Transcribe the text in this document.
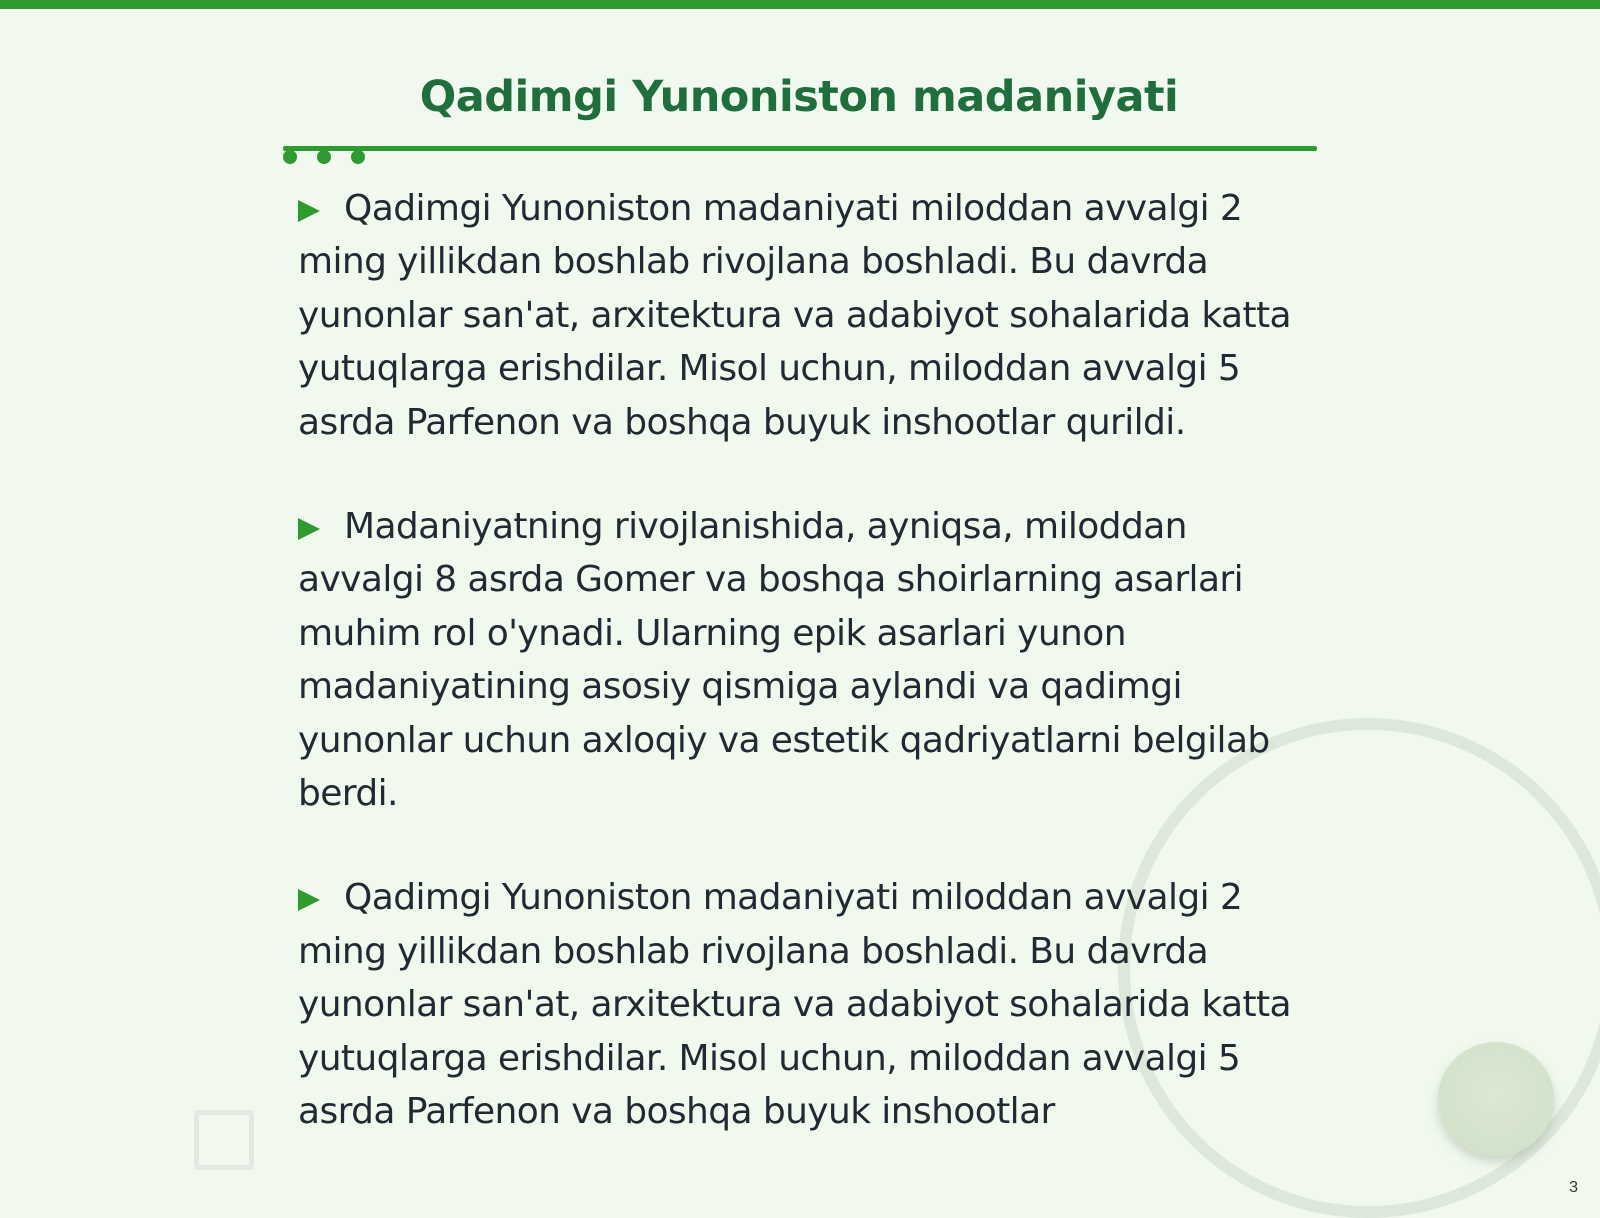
Qadimgi Yunoniston madaniyati

Qadimgi Yunoniston madaniyati miloddan avvalgi 2 ming yillikdan boshlab rivojlana boshladi. Bu davrda yunonlar san'at, arxitektura va adabiyot sohalarida katta yutuqlarga erishdilar. Misol uchun, miloddan avvalgi 5 asrda Parfenon va boshqa buyuk inshootlar qurildi.

Madaniyatning rivojlanishida, ayniqsa, miloddan avvalgi 8 asrda Gomer va boshqa shoirlarning asarlari muhim rol o'ynadi. Ularning epik asarlari yunon madaniyatining asosiy qismiga aylandi va qadimgi yunonlar uchun axloqiy va estetik qadriyatlarni belgilab berdi.

Qadimgi Yunoniston madaniyati miloddan avvalgi 2 ming yillikdan boshlab rivojlana boshladi. Bu davrda yunonlar san'at, arxitektura va adabiyot sohalarida katta yutuqlarga erishdilar. Misol uchun, miloddan avvalgi 5 asrda Parfenon va boshqa buyuk inshootlar

3
